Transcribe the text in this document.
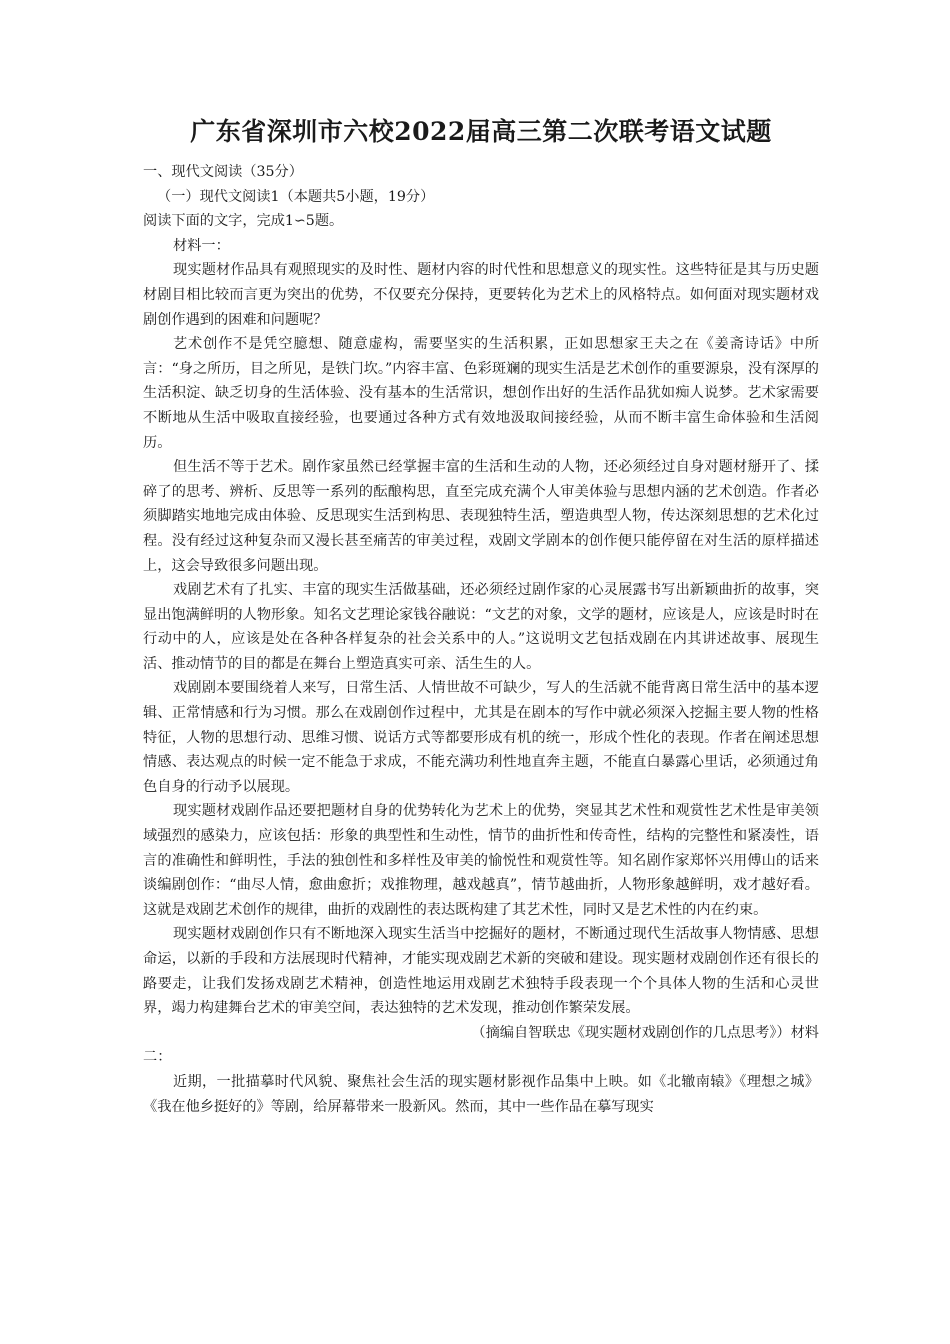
广东省深圳市六校2022届高三第二次联考语文试题

一、现代文阅读（35分）

（一）现代文阅读1（本题共5小题，19分）

阅读下面的文字，完成1∽5题。

材料一：

现实题材作品具有观照现实的及时性、题材内容的时代性和思想意义的现实性。这些特征是其与历史题材剧目相比较而言更为突出的优势，不仅要充分保持，更要转化为艺术上的风格特点。如何面对现实题材戏剧创作遇到的困难和问题呢？

艺术创作不是凭空臆想、随意虚构，需要坚实的生活积累，正如思想家王夫之在《姜斋诗话》中所言：“身之所历，目之所见，是铁门坎。”内容丰富、色彩斑斓的现实生活是艺术创作的重要源泉，没有深厚的生活积淀、缺乏切身的生活体验、没有基本的生活常识，想创作出好的生活作品犹如痴人说梦。艺术家需要不断地从生活中吸取直接经验，也要通过各种方式有效地汲取间接经验，从而不断丰富生命体验和生活阅历。

但生活不等于艺术。剧作家虽然已经掌握丰富的生活和生动的人物，还必须经过自身对题材掰开了、揉碎了的思考、辨析、反思等一系列的酝酿构思，直至完成充满个人审美体验与思想内涵的艺术创造。作者必须脚踏实地地完成由体验、反思现实生活到构思、表现独特生活，塑造典型人物，传达深刻思想的艺术化过程。没有经过这种复杂而又漫长甚至痛苦的审美过程，戏剧文学剧本的创作便只能停留在对生活的原样描述上，这会导致很多问题出现。

戏剧艺术有了扎实、丰富的现实生活做基础，还必须经过剧作家的心灵展露书写出新颖曲折的故事，突显出饱满鲜明的人物形象。知名文艺理论家钱谷融说：“文艺的对象，文学的题材，应该是人，应该是时时在行动中的人，应该是处在各种各样复杂的社会关系中的人。”这说明文艺包括戏剧在内其讲述故事、展现生活、推动情节的目的都是在舞台上塑造真实可亲、活生生的人。

戏剧剧本要围绕着人来写，日常生活、人情世故不可缺少，写人的生活就不能背离日常生活中的基本逻辑、正常情感和行为习惯。那么在戏剧创作过程中，尤其是在剧本的写作中就必须深入挖掘主要人物的性格特征，人物的思想行动、思维习惯、说话方式等都要形成有机的统一，形成个性化的表现。作者在阐述思想情感、表达观点的时候一定不能急于求成，不能充满功利性地直奔主题，不能直白暴露心里话，必须通过角色自身的行动予以展现。

现实题材戏剧作品还要把题材自身的优势转化为艺术上的优势，突显其艺术性和观赏性艺术性是审美领域强烈的感染力，应该包括：形象的典型性和生动性，情节的曲折性和传奇性，结构的完整性和紧凑性，语言的准确性和鲜明性，手法的独创性和多样性及审美的愉悦性和观赏性等。知名剧作家郑怀兴用傅山的话来谈编剧创作：“曲尽人情，愈曲愈折；戏推物理，越戏越真”，情节越曲折，人物形象越鲜明，戏才越好看。这就是戏剧艺术创作的规律，曲折的戏剧性的表达既构建了其艺术性，同时又是艺术性的内在约束。

现实题材戏剧创作只有不断地深入现实生活当中挖掘好的题材，不断通过现代生活故事人物情感、思想命运，以新的手段和方法展现时代精神，才能实现戏剧艺术新的突破和建设。现实题材戏剧创作还有很长的路要走，让我们发扬戏剧艺术精神，创造性地运用戏剧艺术独特手段表现一个个具体人物的生活和心灵世界，竭力构建舞台艺术的审美空间，表达独特的艺术发现，推动创作繁荣发展。

（摘编自智联忠《现实题材戏剧创作的几点思考》）材料

二：

近期，一批描摹时代风貌、聚焦社会生活的现实题材影视作品集中上映。如《北辙南辕》《理想之城》《我在他乡挺好的》等剧，给屏幕带来一股新风。然而，其中一些作品在摹写现实
